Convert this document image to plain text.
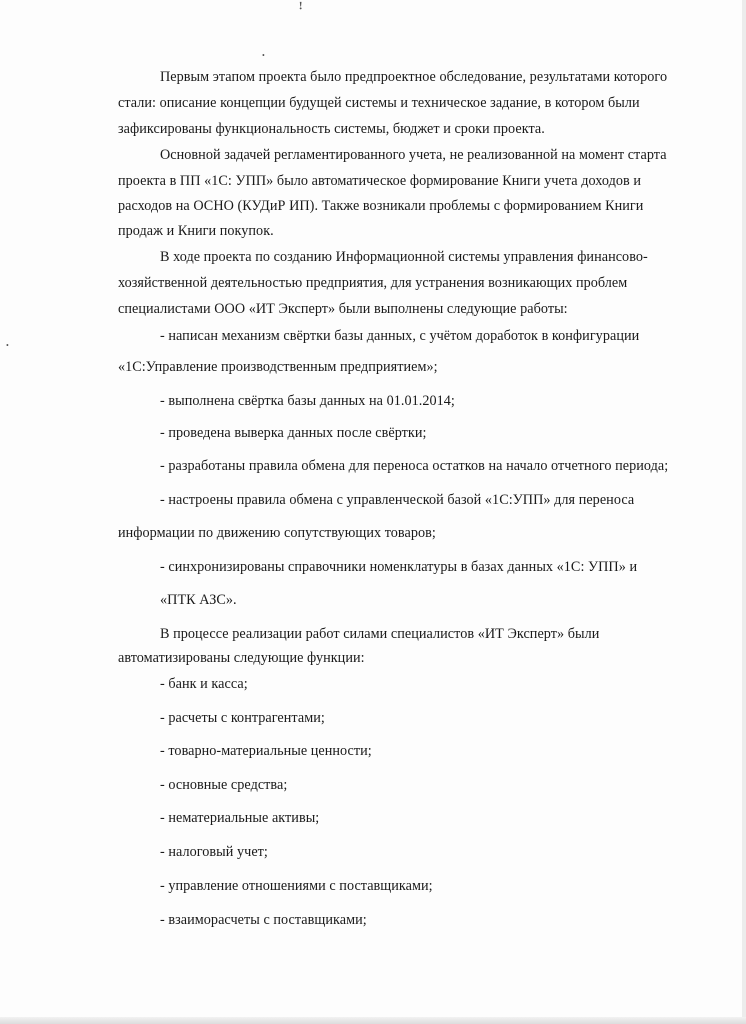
ꜝ
•
•
Первым этапом проекта было предпроектное обследование, результатами которого
стали: описание концепции будущей системы и техническое задание, в котором были
зафиксированы функциональность системы, бюджет и сроки проекта.
Основной задачей регламентированного учета, не реализованной на момент старта
проекта в ПП «1С: УПП» было автоматическое формирование Книги учета доходов и
расходов на ОСНО (КУДиР ИП). Также возникали проблемы с формированием Книги
продаж и Книги покупок.
В ходе проекта по созданию Информационной системы управления финансово-
хозяйственной деятельностью предприятия, для устранения возникающих проблем
специалистами ООО «ИТ Эксперт» были выполнены следующие работы:
- написан механизм свёртки базы данных, с учётом доработок в конфигурации
«1С:Управление производственным предприятием»;
- выполнена свёртка базы данных на 01.01.2014;
- проведена выверка данных после свёртки;
- разработаны правила обмена для переноса остатков на начало отчетного периода;
- настроены правила обмена с управленческой базой «1С:УПП» для переноса
информации по движению сопутствующих товаров;
- синхронизированы справочники номенклатуры в базах данных «1С: УПП» и
«ПТК АЗС».
В процессе реализации работ силами специалистов «ИТ Эксперт» были
автоматизированы следующие функции:
- банк и касса;
- расчеты с контрагентами;
- товарно-материальные ценности;
- основные средства;
- нематериальные активы;
- налоговый учет;
- управление отношениями с поставщиками;
- взаиморасчеты с поставщиками;
